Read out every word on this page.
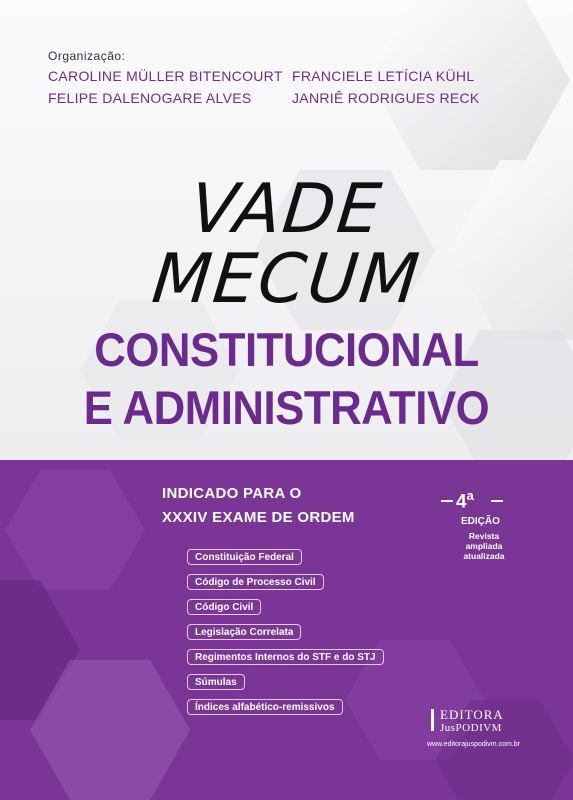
Organização:
CAROLINE MÜLLER BITENCOURT
FELIPE DALENOGARE ALVES
FRANCIELE LETÍCIA KÜHL
JANRIÊ RODRIGUES RECK
VADE
MECUM
CONSTITUCIONAL
E ADMINISTRATIVO
INDICADO PARA O
XXXIV EXAME DE ORDEM
4$^a$
EDIÇÃO
Revista
ampliada
atualizada
Constituição Federal
Código de Processo Civil
Código Civil
Legislação Correlata
Regimentos Internos do STF e do STJ
Súmulas
Índices alfabético-remissivos	EDITORA
JusPODIVM
www.editorajuspodivm.com.br
